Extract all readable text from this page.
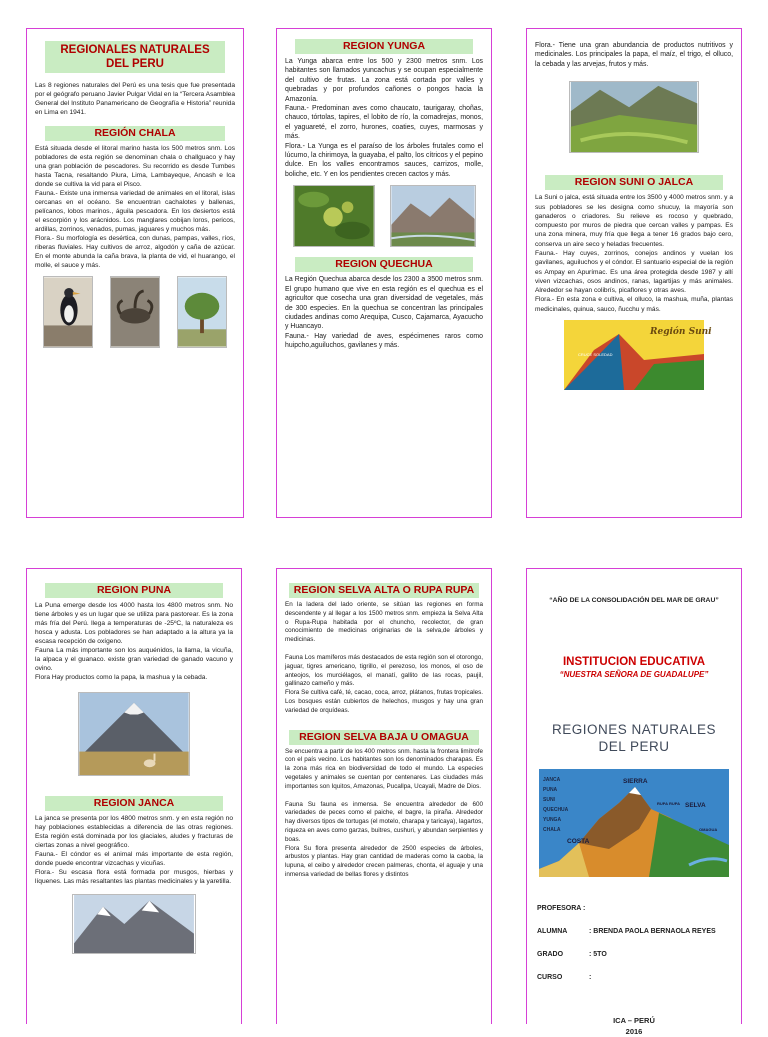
REGIONALES NATURALES DEL PERU

Las 8 regiones naturales del Perú es una tesis que fue presentada por el geógrafo peruano Javier Pulgar Vidal en la “Tercera Asamblea General del Instituto Panamericano de Geografía e Historia” reunida en Lima en 1941.

REGIÓN CHALA

Está situada desde el litoral marino hasta los 500 metros snm. Los pobladores de esta región se denominan chala o challguaco y hay una gran población de pescadores. Su recorrido es desde Tumbes hasta Tacna, resaltando Piura, Lima, Lambayeque, Ancash e Ica donde se cultiva la vid para el Pisco.

Fauna.- Existe una inmensa variedad de animales en el litoral, islas cercanas en el océano. Se encuentran cachalotes y ballenas, pelícanos, lobos marinos., águila pescadora. En los desiertos está el escorpión y los arácnidos. Los manglares cobijan loros, pericos, ardillas, zorrinos, venados, pumas, jaguares y muchos más.

Flora.- Su morfología es desértica, con dunas, pampas, valles, ríos, riberas fluviales. Hay cultivos de arroz, algodón y caña de azúcar. En el monte abunda la caña brava, la planta de vid, el huarango, el molle, el sauce y más.

REGION YUNGA

La Yunga abarca entre los 500 y 2300 metros snm. Los habitantes son llamados yuncachus y se ocupan especialmente del cultivo de frutas. La zona está cortada por valles y quebradas y por profundos cañones o pongos hacia la Amazonía.

Fauna.- Predominan aves como chaucato, taurigaray, choñas, chauco, tórtolas, tapires, el lobito de río, la comadrejas, monos, el yaguareté, el zorro, hurones, coaties, cuyes, marmosas y más.

Flora.- La Yunga es el paraíso de los árboles frutales como el lúcumo, la chirimoya, la guayaba, el palto, los cítricos y el pepino dulce. En los valles encontramos sauces, carrizos, molle, boliche, etc. Y en los pendientes crecen cactos y más.

REGION QUECHUA

La Región Quechua abarca desde los 2300 a 3500 metros snm. El grupo humano que vive en esta región es el quechua es el agricultor que cosecha una gran diversidad de vegetales, más de 300 especies. En la quechua se concentran las principales ciudades andinas como Arequipa, Cusco, Cajamarca, Ayacucho y Huancayo.

Fauna.- Hay variedad de aves, espécimenes raros como huipcho,aguiluchos, gavilanes y más.

Flora.- Tiene una gran abundancia de productos nutritivos y medicinales. Los principales la papa, el maíz, el trigo, el olluco, la cebada y las arvejas, frutos y más.

REGION SUNI O JALCA

La Suni o jalca, está situada entre los 3500 y 4000 metros snm. y a sus pobladores se les designa como shucuy, la mayoría son ganaderos o criadores. Su relieve es rocoso y quebrado, compuesto por muros de piedra que cercan valles y pampas. Es una zona minera, muy fría que llega a tener 16 grados bajo cero, conserva un aire seco y heladas frecuentes.

Fauna.- Hay cuyes, zorrinos, conejos andinos y vuelan los gavilanes, aguiluchos y el cóndor. El santuario especial de la región es Ampay en Apurímac. Es una área protegida desde 1987 y allí viven vizcachas, osos andinos, ranas, lagartijas y más animales. Alrededor se hayan colibrís, picaflores y otras aves.

Flora.- En esta zona e cultiva, el olluco, la mashua, muña, plantas medicinales, quinua, sauco, ñucchu y más.

Región Suni
CRUCE SOLEDAD
REGION PUNA

La Puna emerge desde los 4000 hasta los 4800 metros snm. No tiene árboles y es un lugar que se utiliza para pastorear. Es la zona más fría del Perú. llega a temperaturas de -25ºC, la naturaleza es hosca y adusta. Los pobladores se han adaptado a la altura ya la escasa recepción de oxígeno.

Fauna La más importante son los auquénidos, la llama, la vicuña, la alpaca y el guanaco. existe gran variedad de ganado vacuno y ovino.

Flora Hay productos como la papa, la mashua y la cebada.

REGION JANCA

La janca se presenta por los 4800 metros snm. y en esta región no hay poblaciones establecidas a diferencia de las otras regiones. Esta región está dominada por los glaciales, aludes y fracturas de ciertas zonas a nivel geográfico.

Fauna.- El cóndor es el animal más importante de esta región, donde puede encontrar vizcachas y vicuñas.

Flora.- Su escasa flora está formada por musgos, hierbas y líquenes. Las más resaltantes las plantas medicinales y la yaretilla.

REGION SELVA ALTA O RUPA RUPA

En la ladera del lado oriente, se sitúan las regiones en forma descendente y al llegar a los 1500 metros snm. empieza la Selva Alta o Rupa-Rupa habitada por el chuncho, recolector, de gran conocimiento de medicinas originarias de la selva,de árboles y medicinas.

Fauna Los mamíferos más destacados de esta región son el otorongo, jaguar, tigres americano, tigrillo, el perezoso, los monos, el oso de anteojos, los murciélagos, el manatí, gallito de las rocas, paujil, gallinazo cameño y más.

Flora Se cultiva café, té, cacao, coca, arroz, plátanos, frutas tropicales. Los bosques están cubiertos de helechos, musgos y hay una gran variedad de orquídeas.

REGION SELVA BAJA U OMAGUA

Se encuentra a partir de los 400 metros snm. hasta la frontera limítrofe con el país vecino. Los habitantes son los denominados charapas. Es la zona más rica en biodiversidad de todo el mundo. La especies vegetales y animales se cuentan por centenares. Las ciudades más importantes son Iquitos, Amazonas, Pucallpa, Ucayali, Madre de Dios.

Fauna Su fauna es inmensa. Se encuentra alrededor de 600 variedades de peces como el paiche, el bagre, la piraña. Alrededor hay diversos tipos de tortugas (el motelo, charapa y taricaya), lagartos, riqueza en aves como garzas, buitres, cushuri, y abundan serpientes y boas.

Flora Su flora presenta alrededor de 2500 especies de árboles, arbustos y plantas. Hay gran cantidad de maderas como la caoba, la lupuna, el ceibo y alrededor crecen palmeras, chonta, el aguaje y una inmensa variedad de bellas flores y distintos

“AÑO DE LA CONSOLIDACIÓN DEL MAR DE GRAU”
INSTITUCION EDUCATIVA
“NUESTRA SEÑORA DE GUADALUPE”
REGIONES NATURALES
DEL PERU
JANCA
PUNA
SUNI
QUECHUA
YUNGA
CHALA
SIERRA
SELVA
COSTA
RUPA RUPA
OMAGUA
PROFESORA :
ALUMNA	: BRENDA PAOLA BERNAOLA REYES
GRADO	: 5TO
CURSO	:
ICA – PERÚ
2016
